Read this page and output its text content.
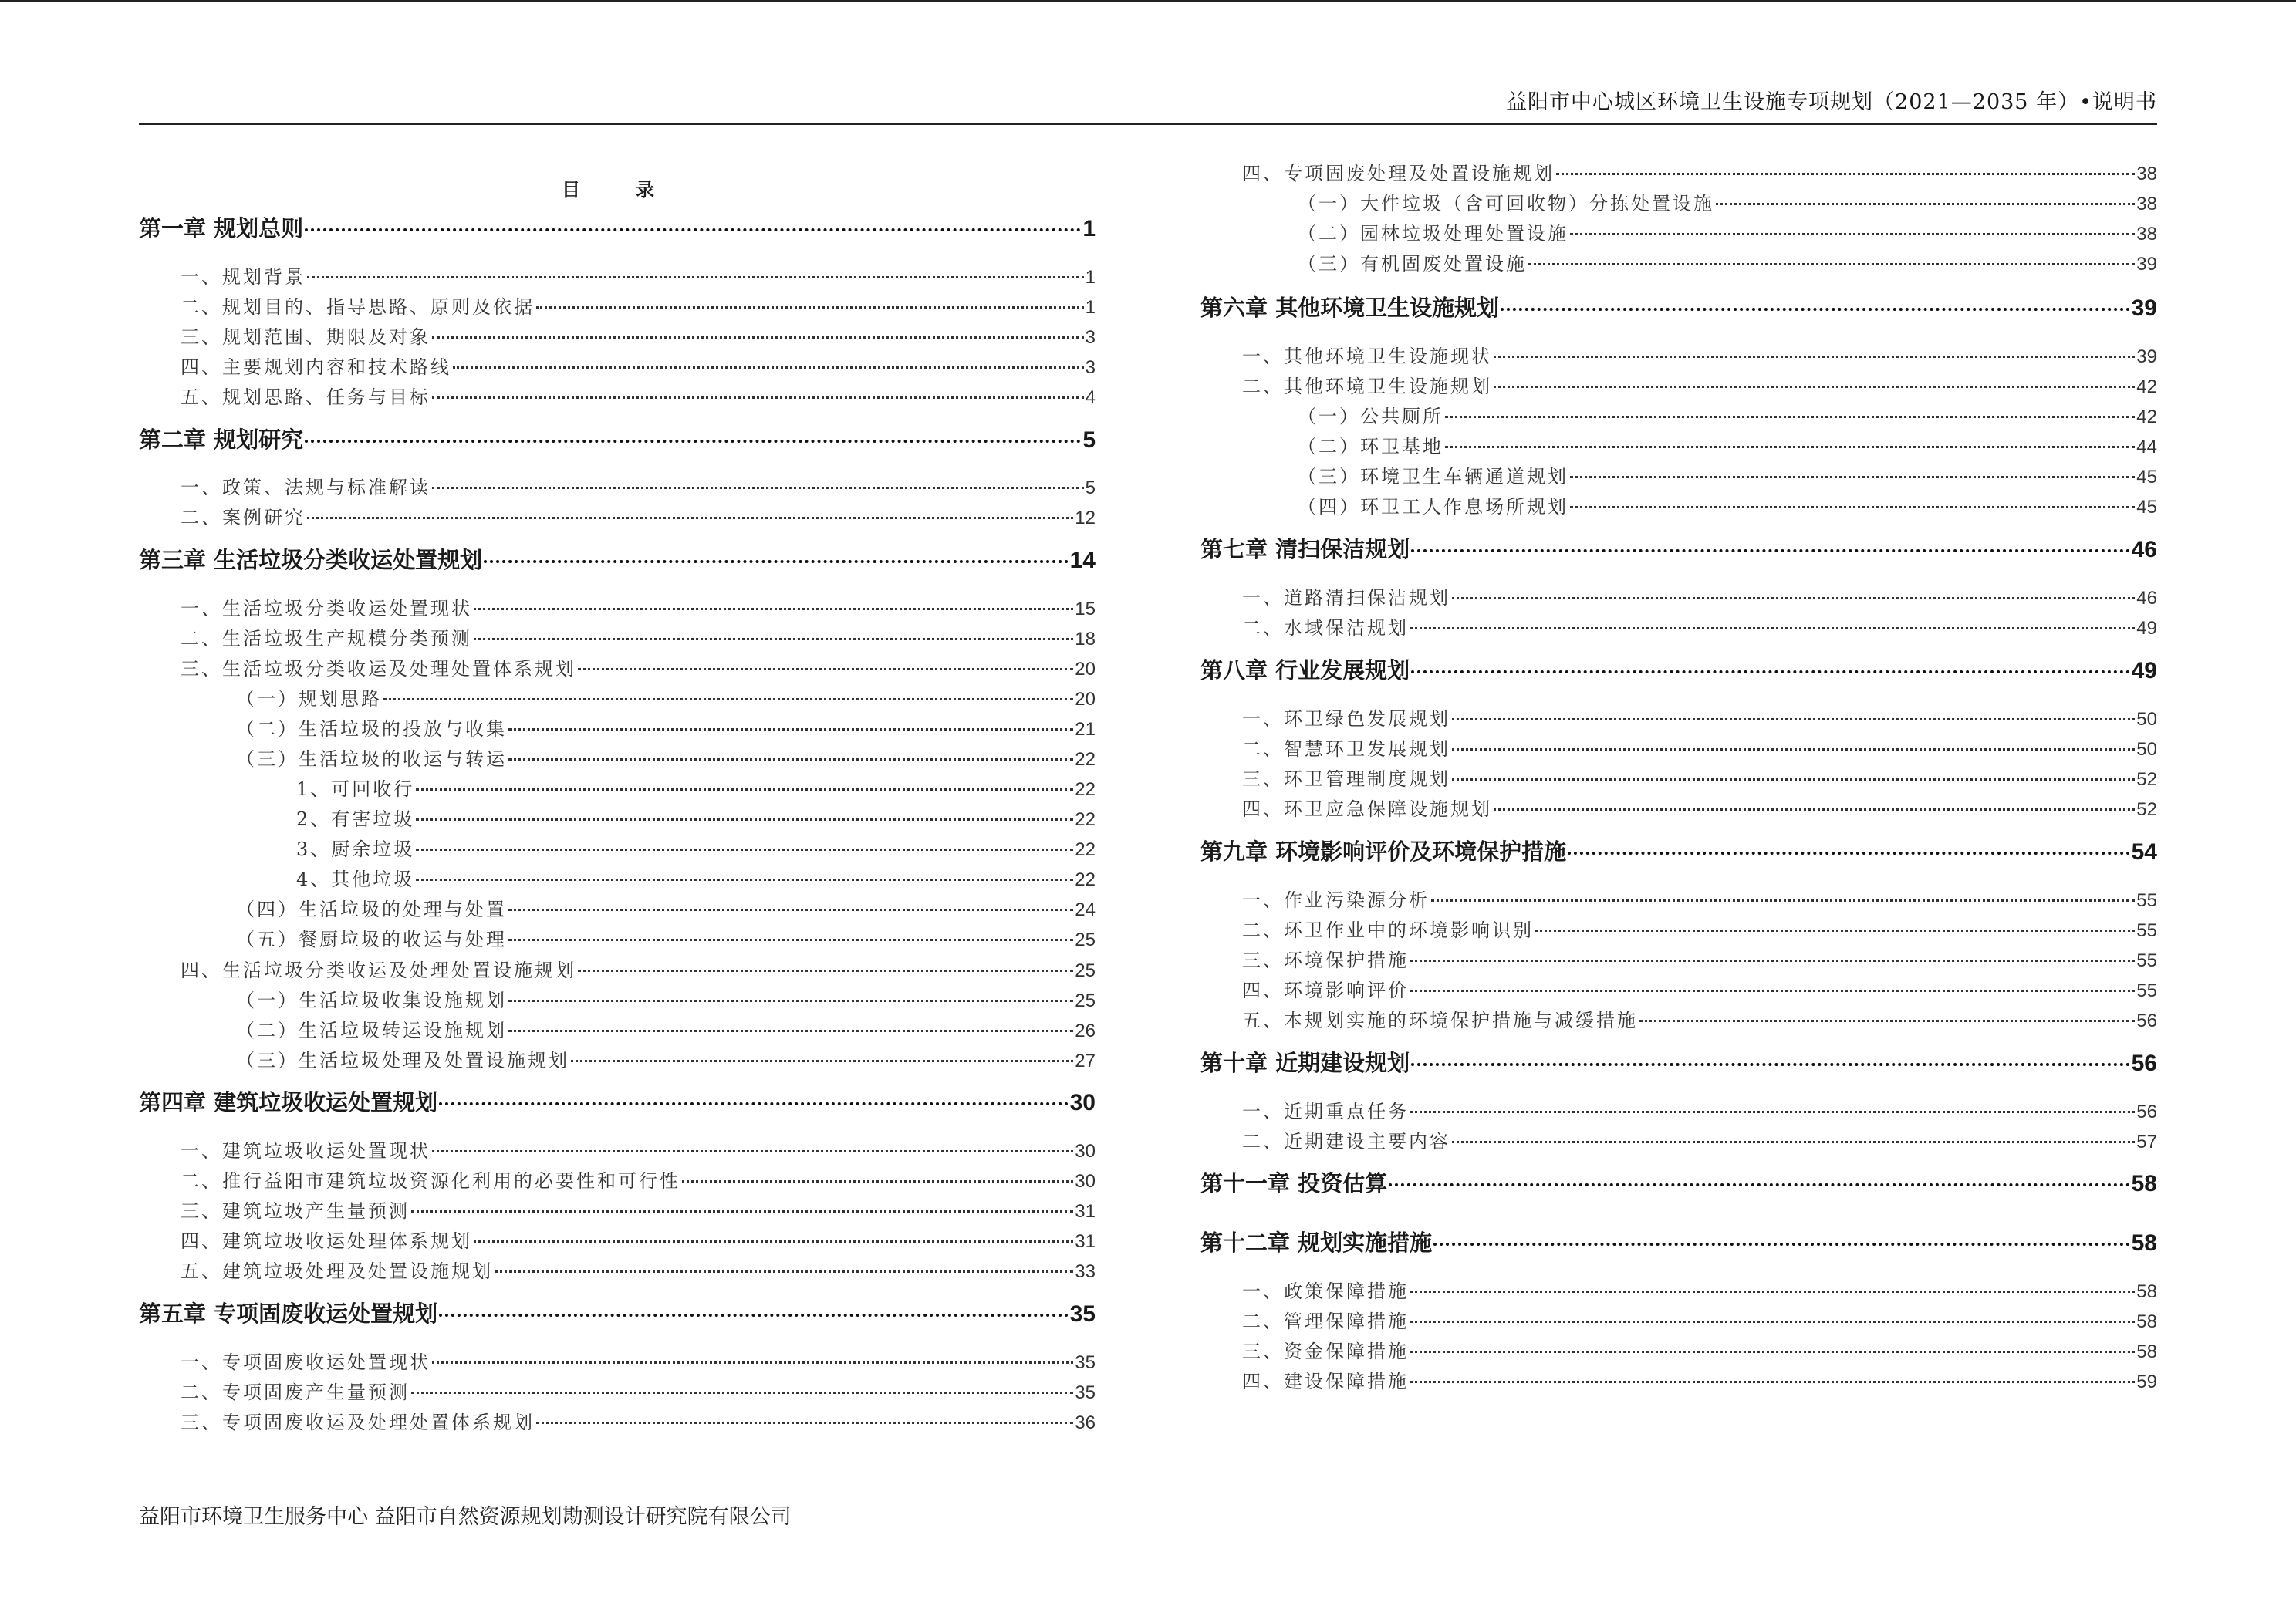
益阳市中心城区环境卫生设施专项规划（2021—2035 年）•说明书
目　录
第一章 规划总则	1
一、规划背景	1
二、规划目的、指导思路、原则及依据	1
三、规划范围、期限及对象	3
四、主要规划内容和技术路线	3
五、规划思路、任务与目标	4
第二章 规划研究	5
一、政策、法规与标准解读	5
二、案例研究	12
第三章 生活垃圾分类收运处置规划	14
一、生活垃圾分类收运处置现状	15
二、生活垃圾生产规模分类预测	18
三、生活垃圾分类收运及处理处置体系规划	20
（一）规划思路	20
（二）生活垃圾的投放与收集	21
（三）生活垃圾的收运与转运	22
1、可回收行	22
2、有害垃圾	22
3、厨余垃圾	22
4、其他垃圾	22
（四）生活垃圾的处理与处置	24
（五）餐厨垃圾的收运与处理	25
四、生活垃圾分类收运及处理处置设施规划	25
（一）生活垃圾收集设施规划	25
（二）生活垃圾转运设施规划	26
（三）生活垃圾处理及处置设施规划	27
第四章 建筑垃圾收运处置规划	30
一、建筑垃圾收运处置现状	30
二、推行益阳市建筑垃圾资源化利用的必要性和可行性	30
三、建筑垃圾产生量预测	31
四、建筑垃圾收运处理体系规划	31
五、建筑垃圾处理及处置设施规划	33
第五章 专项固废收运处置规划	35
一、专项固废收运处置现状	35
二、专项固废产生量预测	35
三、专项固废收运及处理处置体系规划	36
四、专项固废处理及处置设施规划	38
（一）大件垃圾（含可回收物）分拣处置设施	38
（二）园林垃圾处理处置设施	38
（三）有机固废处置设施	39
第六章 其他环境卫生设施规划	39
一、其他环境卫生设施现状	39
二、其他环境卫生设施规划	42
（一）公共厕所	42
（二）环卫基地	44
（三）环境卫生车辆通道规划	45
（四）环卫工人作息场所规划	45
第七章 清扫保洁规划	46
一、道路清扫保洁规划	46
二、水域保洁规划	49
第八章 行业发展规划	49
一、环卫绿色发展规划	50
二、智慧环卫发展规划	50
三、环卫管理制度规划	52
四、环卫应急保障设施规划	52
第九章 环境影响评价及环境保护措施	54
一、作业污染源分析	55
二、环卫作业中的环境影响识别	55
三、环境保护措施	55
四、环境影响评价	55
五、本规划实施的环境保护措施与减缓措施	56
第十章 近期建设规划	56
一、近期重点任务	56
二、近期建设主要内容	57
第十一章 投资估算	58
第十二章 规划实施措施	58
一、政策保障措施	58
二、管理保障措施	58
三、资金保障措施	58
四、建设保障措施	59
益阳市环境卫生服务中心 益阳市自然资源规划勘测设计研究院有限公司
